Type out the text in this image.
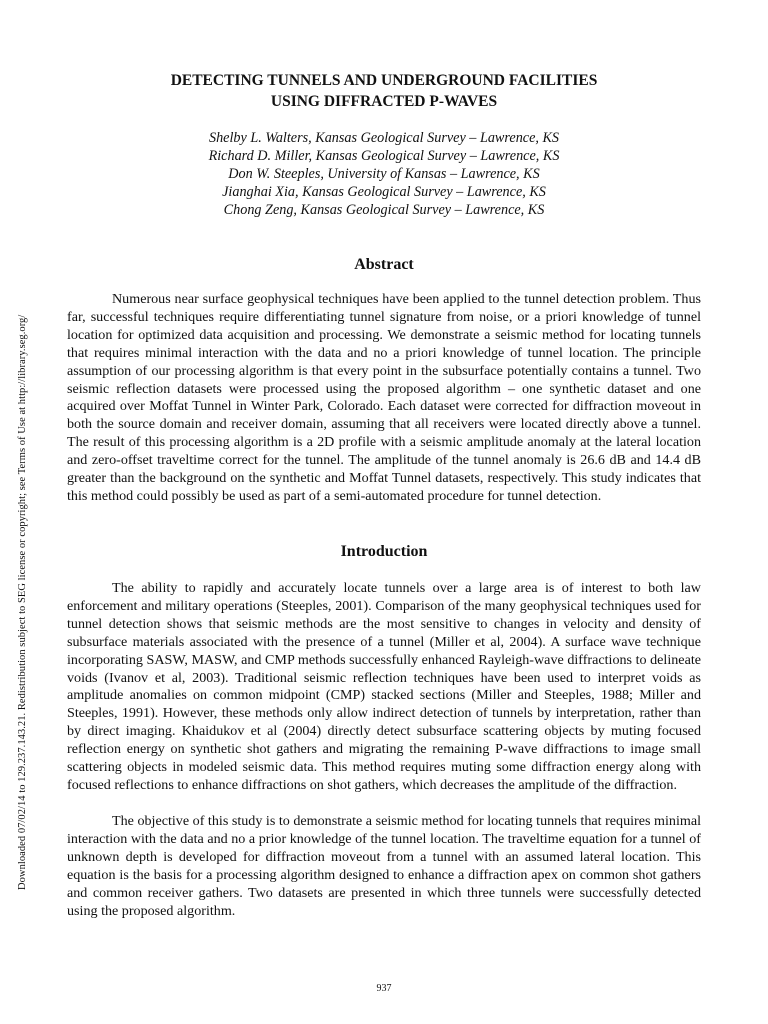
Downloaded 07/02/14 to 129.237.143.21. Redistribution subject to SEG license or copyright; see Terms of Use at http://library.seg.org/
DETECTING TUNNELS AND UNDERGROUND FACILITIES
USING DIFFRACTED P-WAVES
Shelby L. Walters, Kansas Geological Survey – Lawrence, KS
Richard D. Miller, Kansas Geological Survey – Lawrence, KS
Don W. Steeples, University of Kansas – Lawrence, KS
Jianghai Xia, Kansas Geological Survey – Lawrence, KS
Chong Zeng, Kansas Geological Survey – Lawrence, KS
Abstract

Numerous near surface geophysical techniques have been applied to the tunnel detection problem. Thus far, successful techniques require differentiating tunnel signature from noise, or a priori knowledge of tunnel location for optimized data acquisition and processing. We demonstrate a seismic method for locating tunnels that requires minimal interaction with the data and no a priori knowledge of tunnel location. The principle assumption of our processing algorithm is that every point in the subsurface potentially contains a tunnel. Two seismic reflection datasets were processed using the proposed algorithm – one synthetic dataset and one acquired over Moffat Tunnel in Winter Park, Colorado. Each dataset were corrected for diffraction moveout in both the source domain and receiver domain, assuming that all receivers were located directly above a tunnel. The result of this processing algorithm is a 2D profile with a seismic amplitude anomaly at the lateral location and zero-offset traveltime correct for the tunnel. The amplitude of the tunnel anomaly is 26.6 dB and 14.4 dB greater than the background on the synthetic and Moffat Tunnel datasets, respectively. This study indicates that this method could possibly be used as part of a semi-automated procedure for tunnel detection.

Introduction

The ability to rapidly and accurately locate tunnels over a large area is of interest to both law enforcement and military operations (Steeples, 2001). Comparison of the many geophysical techniques used for tunnel detection shows that seismic methods are the most sensitive to changes in velocity and density of subsurface materials associated with the presence of a tunnel (Miller et al, 2004). A surface wave technique incorporating SASW, MASW, and CMP methods successfully enhanced Rayleigh-wave diffractions to delineate voids (Ivanov et al, 2003). Traditional seismic reflection techniques have been used to interpret voids as amplitude anomalies on common midpoint (CMP) stacked sections (Miller and Steeples, 1988; Miller and Steeples, 1991). However, these methods only allow indirect detection of tunnels by interpretation, rather than by direct imaging. Khaidukov et al (2004) directly detect subsurface scattering objects by muting focused reflection energy on synthetic shot gathers and migrating the remaining P-wave diffractions to image small scattering objects in modeled seismic data. This method requires muting some diffraction energy along with focused reflections to enhance diffractions on shot gathers, which decreases the amplitude of the diffraction.

The objective of this study is to demonstrate a seismic method for locating tunnels that requires minimal interaction with the data and no a prior knowledge of the tunnel location. The traveltime equation for a tunnel of unknown depth is developed for diffraction moveout from a tunnel with an assumed lateral location. This equation is the basis for a processing algorithm designed to enhance a diffraction apex on common shot gathers and common receiver gathers. Two datasets are presented in which three tunnels were successfully detected using the proposed algorithm.

937
